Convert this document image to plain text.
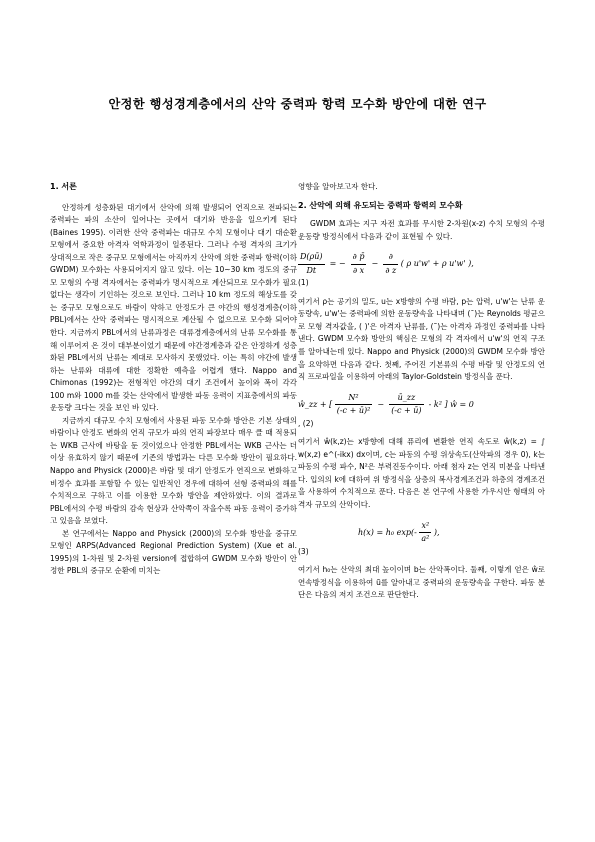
안정한 행성경계층에서의 산악 중력파 항력 모수화 방안에 대한 연구

1. 서론

안정하게 성층화된 대기에서 산악에 의해 발생되어 연직으로 전파되는 중력파는 파의 소산이 일어나는 곳에서 대기와 반응을 일으키게 된다 (Baines 1995). 이러한 산악 중력파는 대규모 수치 모형이나 대기 대순환 모형에서 중요한 아격자 역학과정이 일종된다. 그러나 수평 격자의 크기가 상대적으로 작은 중규모 모형에서는 아직까지 산악에 의한 중력파 항력(이하 GWDM) 모수화는 사용되어지지 않고 있다. 이는 10~30 km 정도의 중규모 모형의 수평 격자에서는 중력파가 명시적으로 계산되므로 모수화가 필요 없다는 생각이 기인하는 것으로 보인다. 그러나 10 km 정도의 해상도를 갖는 중규모 모형으로도 바람이 약하고 안정도가 큰 야간의 행성경계층(이하 PBL)에서는 산악 중력파는 명시적으로 계산될 수 없으므로 모수화 되어야 한다. 지금까지 PBL에서의 난류과정은 대류경계층에서의 난류 모수화를 통해 이루어져 온 것이 대부분이었기 때문에 야간경계층과 같은 안정하게 성층화된 PBL에서의 난류는 제대로 모사하지 못했었다. 이는 특히 야간에 발생하는 난류와 대류에 대한 정확한 예측을 어렵게 했다. Nappo and Chimonas (1992)는 전형적인 야간의 대기 조건에서 높이와 폭이 각각 100 m와 1000 m를 갖는 산악에서 발생한 파동 응력이 지표층에서의 파동 운동량 크다는 것을 보인 바 있다.

지금까지 대규모 수치 모형에서 사용된 파동 모수화 방안은 기본 상태의 바람이나 안정도 변화의 연직 규모가 파의 연직 파장보다 매우 클 때 적용되는 WKB 근사에 바탕을 둔 것이었으나 안정한 PBL에서는 WKB 근사는 더 이상 유효하지 않기 때문에 기존의 방법과는 다른 모수화 방안이 필요하다. Nappo and Physick (2000)은 바람 및 대기 안정도가 연직으로 변화하고 비정수 효과를 포함할 수 있는 일반적인 경우에 대하여 선형 중력파의 해를 수치적으로 구하고 이를 이용한 모수화 방안을 제안하였다. 이의 결과로 PBL에서의 수평 바람의 감속 현상과 산악쪽이 작을수록 파동 응력이 증가하고 있음을 보였다.

본 연구에서는 Nappo and Physick (2000)의 모수화 방안을 중규모 모형인 ARPS(Advanced Regional Prediction System) (Xue et al. 1995)의 1-차원 및 2-차원 version에 접합하여 GWDM 모수화 방안이 안정한 PBL의 중규모 순환에 미치는

영향을 알아보고자 한다.

2. 산악에 의해 유도되는 중력파 항력의 모수화

GWDM 효과는 지구 자전 효과를 무시한 2-차원(x-z) 수치 모형의 수평 운동량 방정식에서 다음과 같이 표현될 수 있다.

$\frac{D(\rho ū)}{Dt}$ = − $\frac{\partial p̄}{\partial x} - \frac{\partial}{\partial z}$ ( ρ u'w' + ρ u'w' ),
(1)

여기서 ρ는 공기의 밀도, u는 x방향의 수평 바람, p는 압력, u'w'는 난류 운동량속, u'w'는 중력파에 의한 운동량속을 나타내며 (¯)는 Reynolds 평균으로 모형 격자값을, ( )'은 아격자 난류를, (˜)는 아격자 과정인 중력파를 나타낸다. GWDM 모수화 방안의 핵심은 모형의 각 격자에서 u'w'의 연직 구조를 알아내는데 있다. Nappo and Physick (2000)의 GWDM 모수화 방안을 요약하면 다음과 같다. 첫째, 주어진 기본류의 수평 바람 및 안정도의 연직 프로파일을 이용하여 아래의 Taylor-Goldstein 방정식을 푼다.

ŵ_zz + [ $\frac{\text{N²}}{\text{(-c + ū)²}} - \frac{ū\_zz}{(-c + ū)} - k^2$ ] ŵ = 0
, (2)

여기서 ŵ(k,z)는 x방향에 대해 퓨리에 변환한 연직 속도로 ŵ(k,z) = ∫ w(x,z) e^(-ikx) dx이며, c는 파동의 수평 위상속도(산악파의 경우 0), k는 파동의 수평 파수, N²은 부력진동수이다. 아래 첨자 z는 연직 미분을 나타낸다. 입의의 k에 대하여 위 방정식을 상층의 복사경계조건과 하층의 경계조건을 사용하여 수치적으로 푼다. 다음은 본 연구에 사용한 가우시안 형태의 아격자 규모의 산악이다.

h(x) = h₀ $\exp(- \frac{\text{x²}}{\text{a²}}$ ),
(3)

여기서 h₀는 산악의 최대 높이이며 b는 산악폭이다. 둘째, 이렇게 얻은 ŵ로 연속방정식을 이용하여 ũ를 알아내고 중력파의 운동량속을 구한다. 파동 분단은 다음의 저지 조건으로 판단한다.
